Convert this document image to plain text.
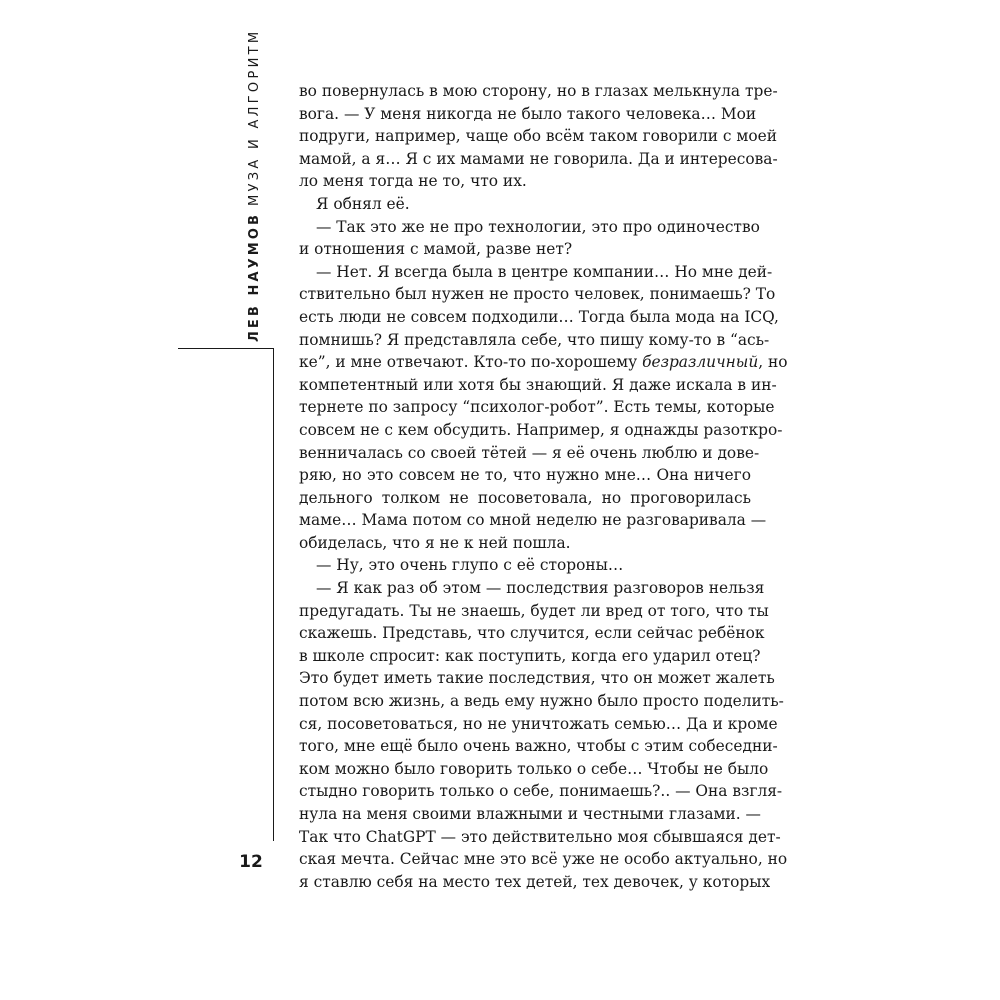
ЛЕВ НАУМОВМУЗА И АЛГОРИТМ
12
во повернулась в мою сторону, но в глазах мелькнула тре-
вога. — У меня никогда не было такого человека… Мои
подруги, например, чаще обо всём таком говорили с моей
мамой, а я… Я с их мамами не говорила. Да и интересова-
ло меня тогда не то, что их.
Я обнял её.
— Так это же не про технологии, это про одиночество
и отношения с мамой, разве нет?
— Нет. Я всегда была в центре компании… Но мне дей-
ствительно был нужен не просто человек, понимаешь? То
есть люди не совсем подходили… Тогда была мода на ICQ,
помнишь? Я представляла себе, что пишу кому-то в “ась-
ке”, и мне отвечают. Кто-то по-хорошему безразличный, но
компетентный или хотя бы знающий. Я даже искала в ин-
тернете по запросу “психолог-робот”. Есть темы, которые
совсем не с кем обсудить. Например, я однажды разоткро-
венничалась со своей тётей — я её очень люблю и дове-
ряю, но это совсем не то, что нужно мне… Она ничего
дельного толком не посоветовала, но проговорилась
маме… Мама потом со мной неделю не разговаривала —
обиделась, что я не к ней пошла.
— Ну, это очень глупо с её стороны…
— Я как раз об этом — последствия разговоров нельзя
предугадать. Ты не знаешь, будет ли вред от того, что ты
скажешь. Представь, что случится, если сейчас ребёнок
в школе спросит: как поступить, когда его ударил отец?
Это будет иметь такие последствия, что он может жалеть
потом всю жизнь, а ведь ему нужно было просто поделить-
ся, посоветоваться, но не уничтожать семью… Да и кроме
того, мне ещё было очень важно, чтобы с этим собеседни-
ком можно было говорить только о себе… Чтобы не было
стыдно говорить только о себе, понимаешь?.. — Она взгля-
нула на меня своими влажными и честными глазами. —
Так что ChatGPT — это действительно моя сбывшаяся дет-
ская мечта. Сейчас мне это всё уже не особо актуально, но
я ставлю себя на место тех детей, тех девочек, у которых
